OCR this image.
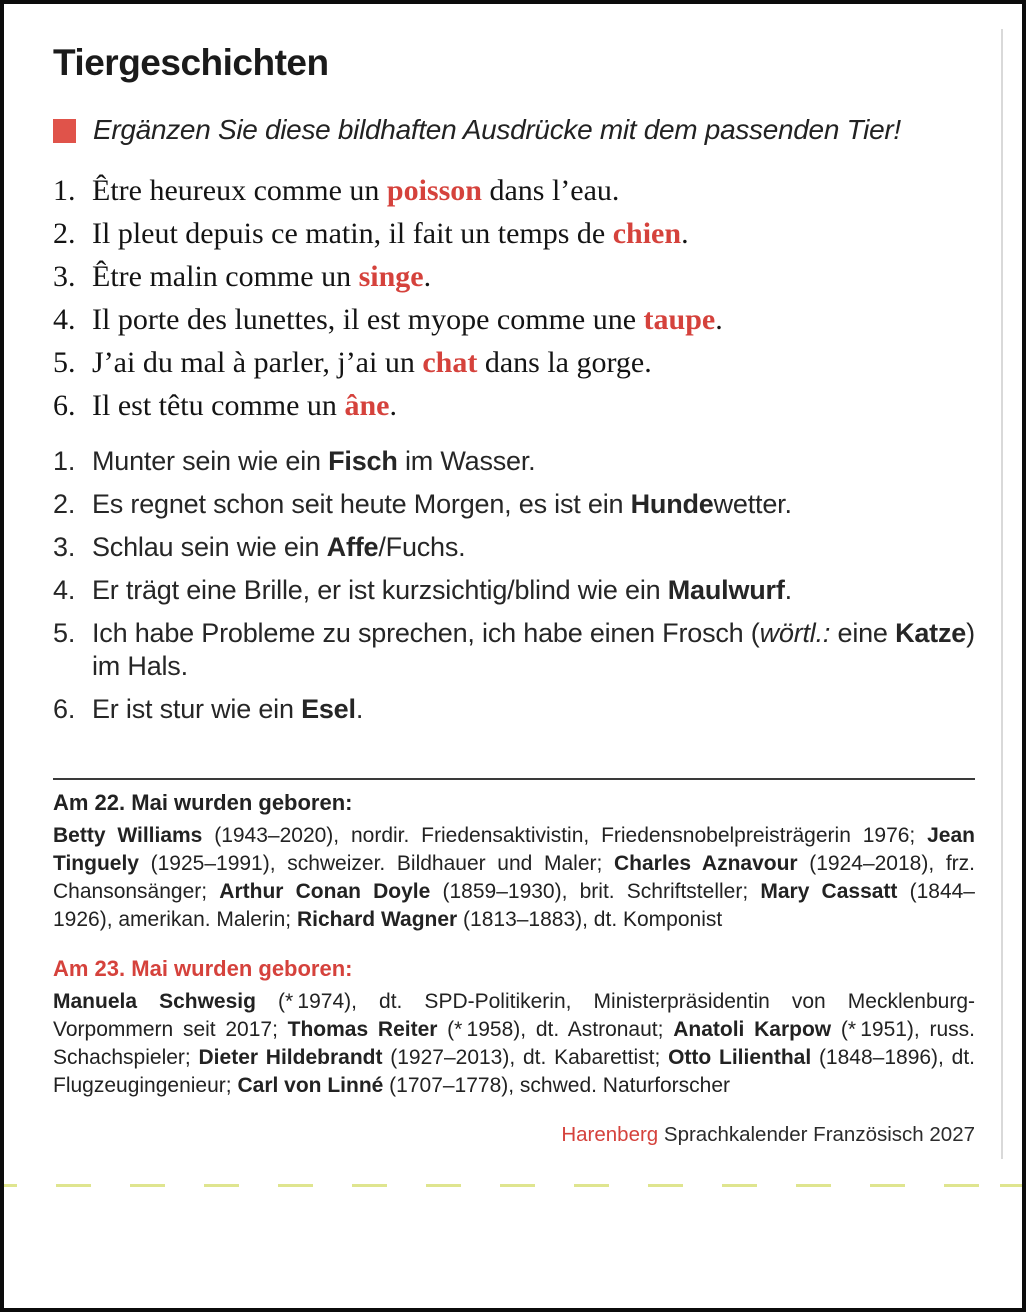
Tiergeschichten
Ergänzen Sie diese bildhaften Ausdrücke mit dem passenden Tier!
1. Être heureux comme un poisson dans l’eau.
2. Il pleut depuis ce matin, il fait un temps de chien.
3. Être malin comme un singe.
4. Il porte des lunettes, il est myope comme une taupe.
5. J’ai du mal à parler, j’ai un chat dans la gorge.
6. Il est têtu comme un âne.
1. Munter sein wie ein Fisch im Wasser.
2. Es regnet schon seit heute Morgen, es ist ein Hundewetter.
3. Schlau sein wie ein Affe/Fuchs.
4. Er trägt eine Brille, er ist kurzsichtig/blind wie ein Maulwurf.
5. Ich habe Probleme zu sprechen, ich habe einen Frosch (wörtl.: eine Katze) im Hals.
6. Er ist stur wie ein Esel.
Am 22. Mai wurden geboren:

Betty Williams (1943–2020), nordir. Friedensaktivistin, Friedensnobelpreisträgerin 1976; Jean Tinguely (1925–1991), schweizer. Bildhauer und Maler; Charles Aznavour (1924–2018), frz. Chansonsänger; Arthur Conan Doyle (1859–1930), brit. Schriftsteller; Mary Cassatt (1844–1926), amerikan. Malerin; Richard Wagner (1813–1883), dt. Komponist

Am 23. Mai wurden geboren:

Manuela Schwesig (* 1974), dt. SPD-Politikerin, Ministerpräsidentin von Mecklenburg-Vorpommern seit 2017; Thomas Reiter (* 1958), dt. Astronaut; Anatoli Karpow (* 1951), russ. Schachspieler; Dieter Hildebrandt (1927–2013), dt. Kabarettist; Otto Lilienthal (1848–1896), dt. Flugzeugingenieur; Carl von Linné (1707–1778), schwed. Naturforscher

Harenberg Sprachkalender Französisch 2027
